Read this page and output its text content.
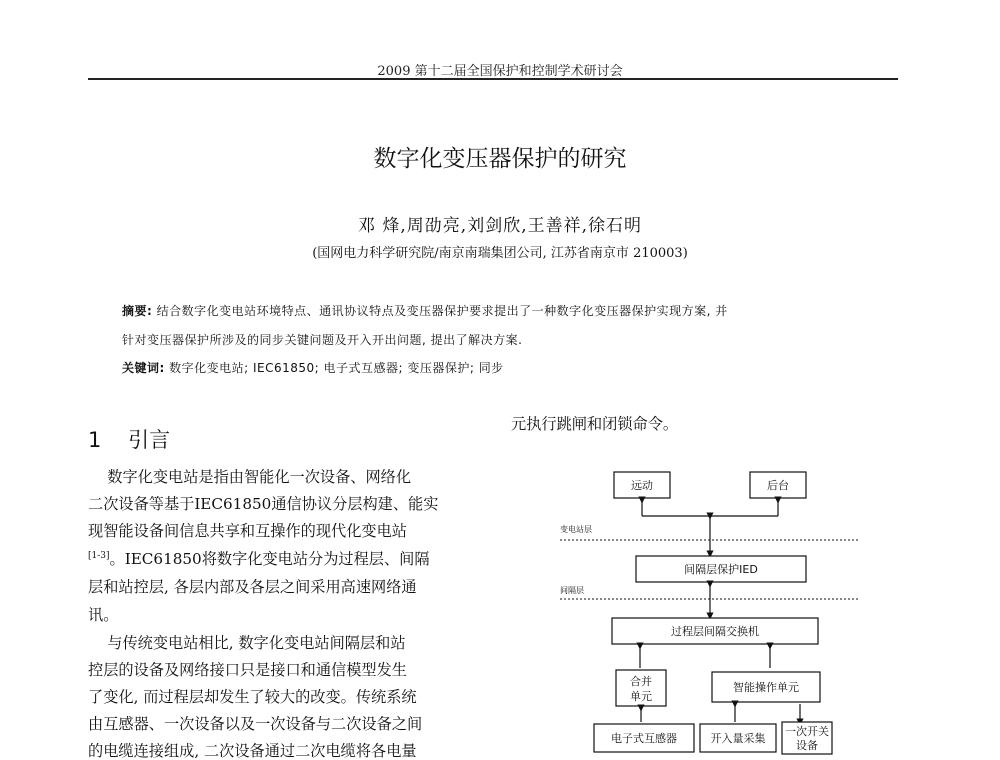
2009 第十二届全国保护和控制学术研讨会
数字化变压器保护的研究
邓 烽,周劭亮,刘剑欣,王善祥,徐石明
(国网电力科学研究院/南京南瑞集团公司, 江苏省南京市 210003)
摘要: 结合数字化变电站环境特点、通讯协议特点及变压器保护要求提出了一种数字化变压器保护实现方案, 并
针对变压器保护所涉及的同步关键问题及开入开出问题, 提出了解决方案.
关键词: 数字化变电站; IEC61850; 电子式互感器; 变压器保护; 同步
1 引言
数字化变电站是指由智能化一次设备、网络化
二次设备等基于IEC61850通信协议分层构建、能实
现智能设备间信息共享和互操作的现代化变电站
[1-3]。IEC61850将数字化变电站分为过程层、间隔
层和站控层, 各层内部及各层之间采用高速网络通
讯。
与传统变电站相比, 数字化变电站间隔层和站
控层的设备及网络接口只是接口和通信模型发生
了变化, 而过程层却发生了较大的改变。传统系统
由互感器、一次设备以及一次设备与二次设备之间
的电缆连接组成, 二次设备通过二次电缆将各电量
元执行跳闸和闭锁命令。
远动	后台
变电站层
间隔层保护IED
间隔层
过程层间隔交换机
合并
单元
智能操作单元
电子式互感器	开入量采集
一次开关
设备
